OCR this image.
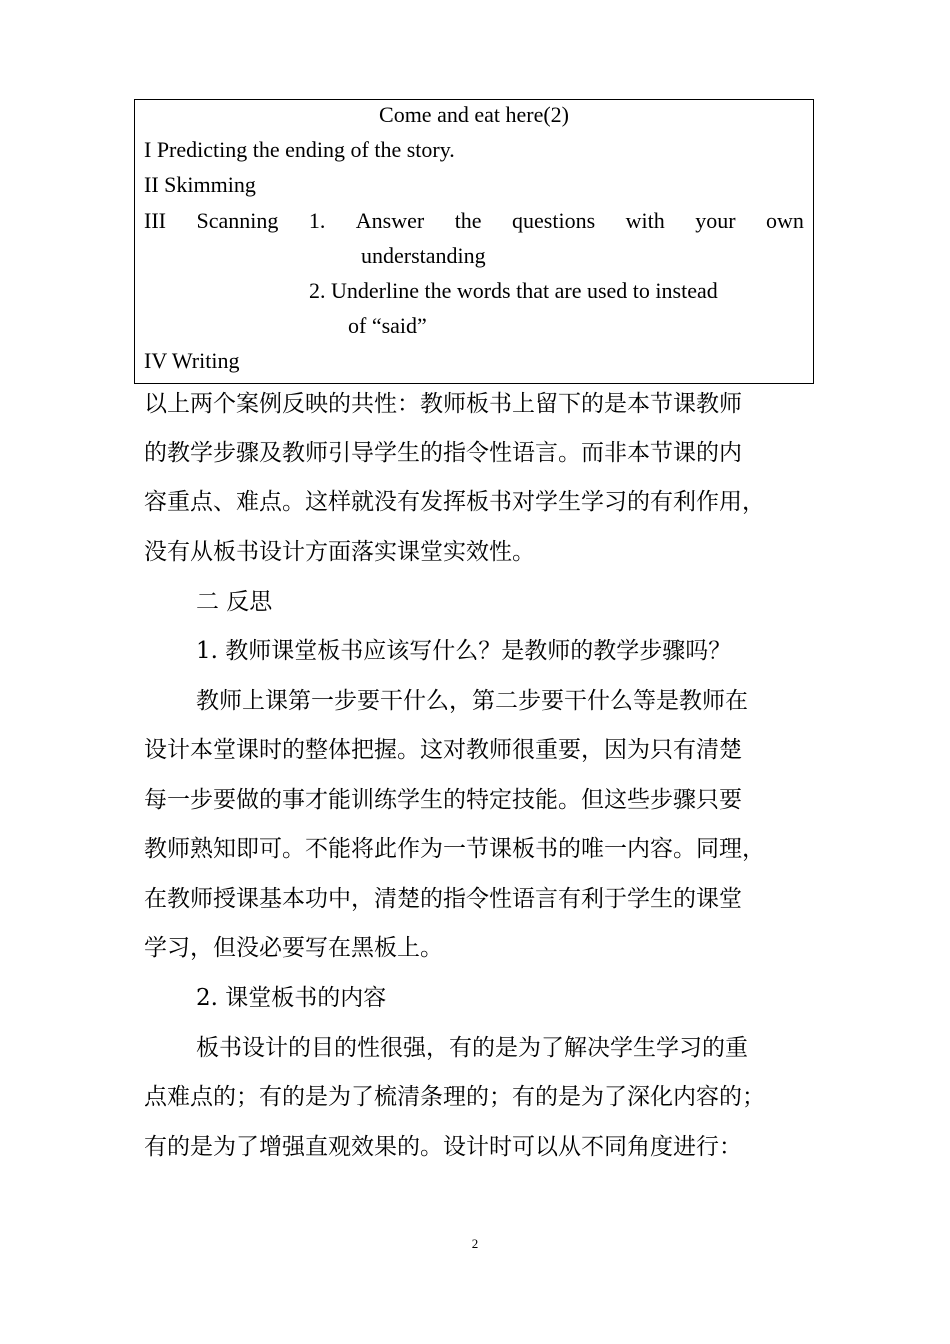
Come and eat here(2)
I Predicting the ending of the story.
II Skimming
III Scanning 1. Answer the questions with your own
understanding
2. Underline the words that are used to instead
of “said”
IV Writing
以上两个案例反映的共性：教师板书上留下的是本节课教师
的教学步骤及教师引导学生的指令性语言。而非本节课的内
容重点、难点。这样就没有发挥板书对学生学习的有利作用，
没有从板书设计方面落实课堂实效性。
二 反思
1. 教师课堂板书应该写什么？是教师的教学步骤吗？
教师上课第一步要干什么，第二步要干什么等是教师在
设计本堂课时的整体把握。这对教师很重要，因为只有清楚
每一步要做的事才能训练学生的特定技能。但这些步骤只要
教师熟知即可。不能将此作为一节课板书的唯一内容。同理，
在教师授课基本功中，清楚的指令性语言有利于学生的课堂
学习，但没必要写在黑板上。
2. 课堂板书的内容
板书设计的目的性很强，有的是为了解决学生学习的重
点难点的；有的是为了梳清条理的；有的是为了深化内容的；
有的是为了增强直观效果的。设计时可以从不同角度进行：
2
